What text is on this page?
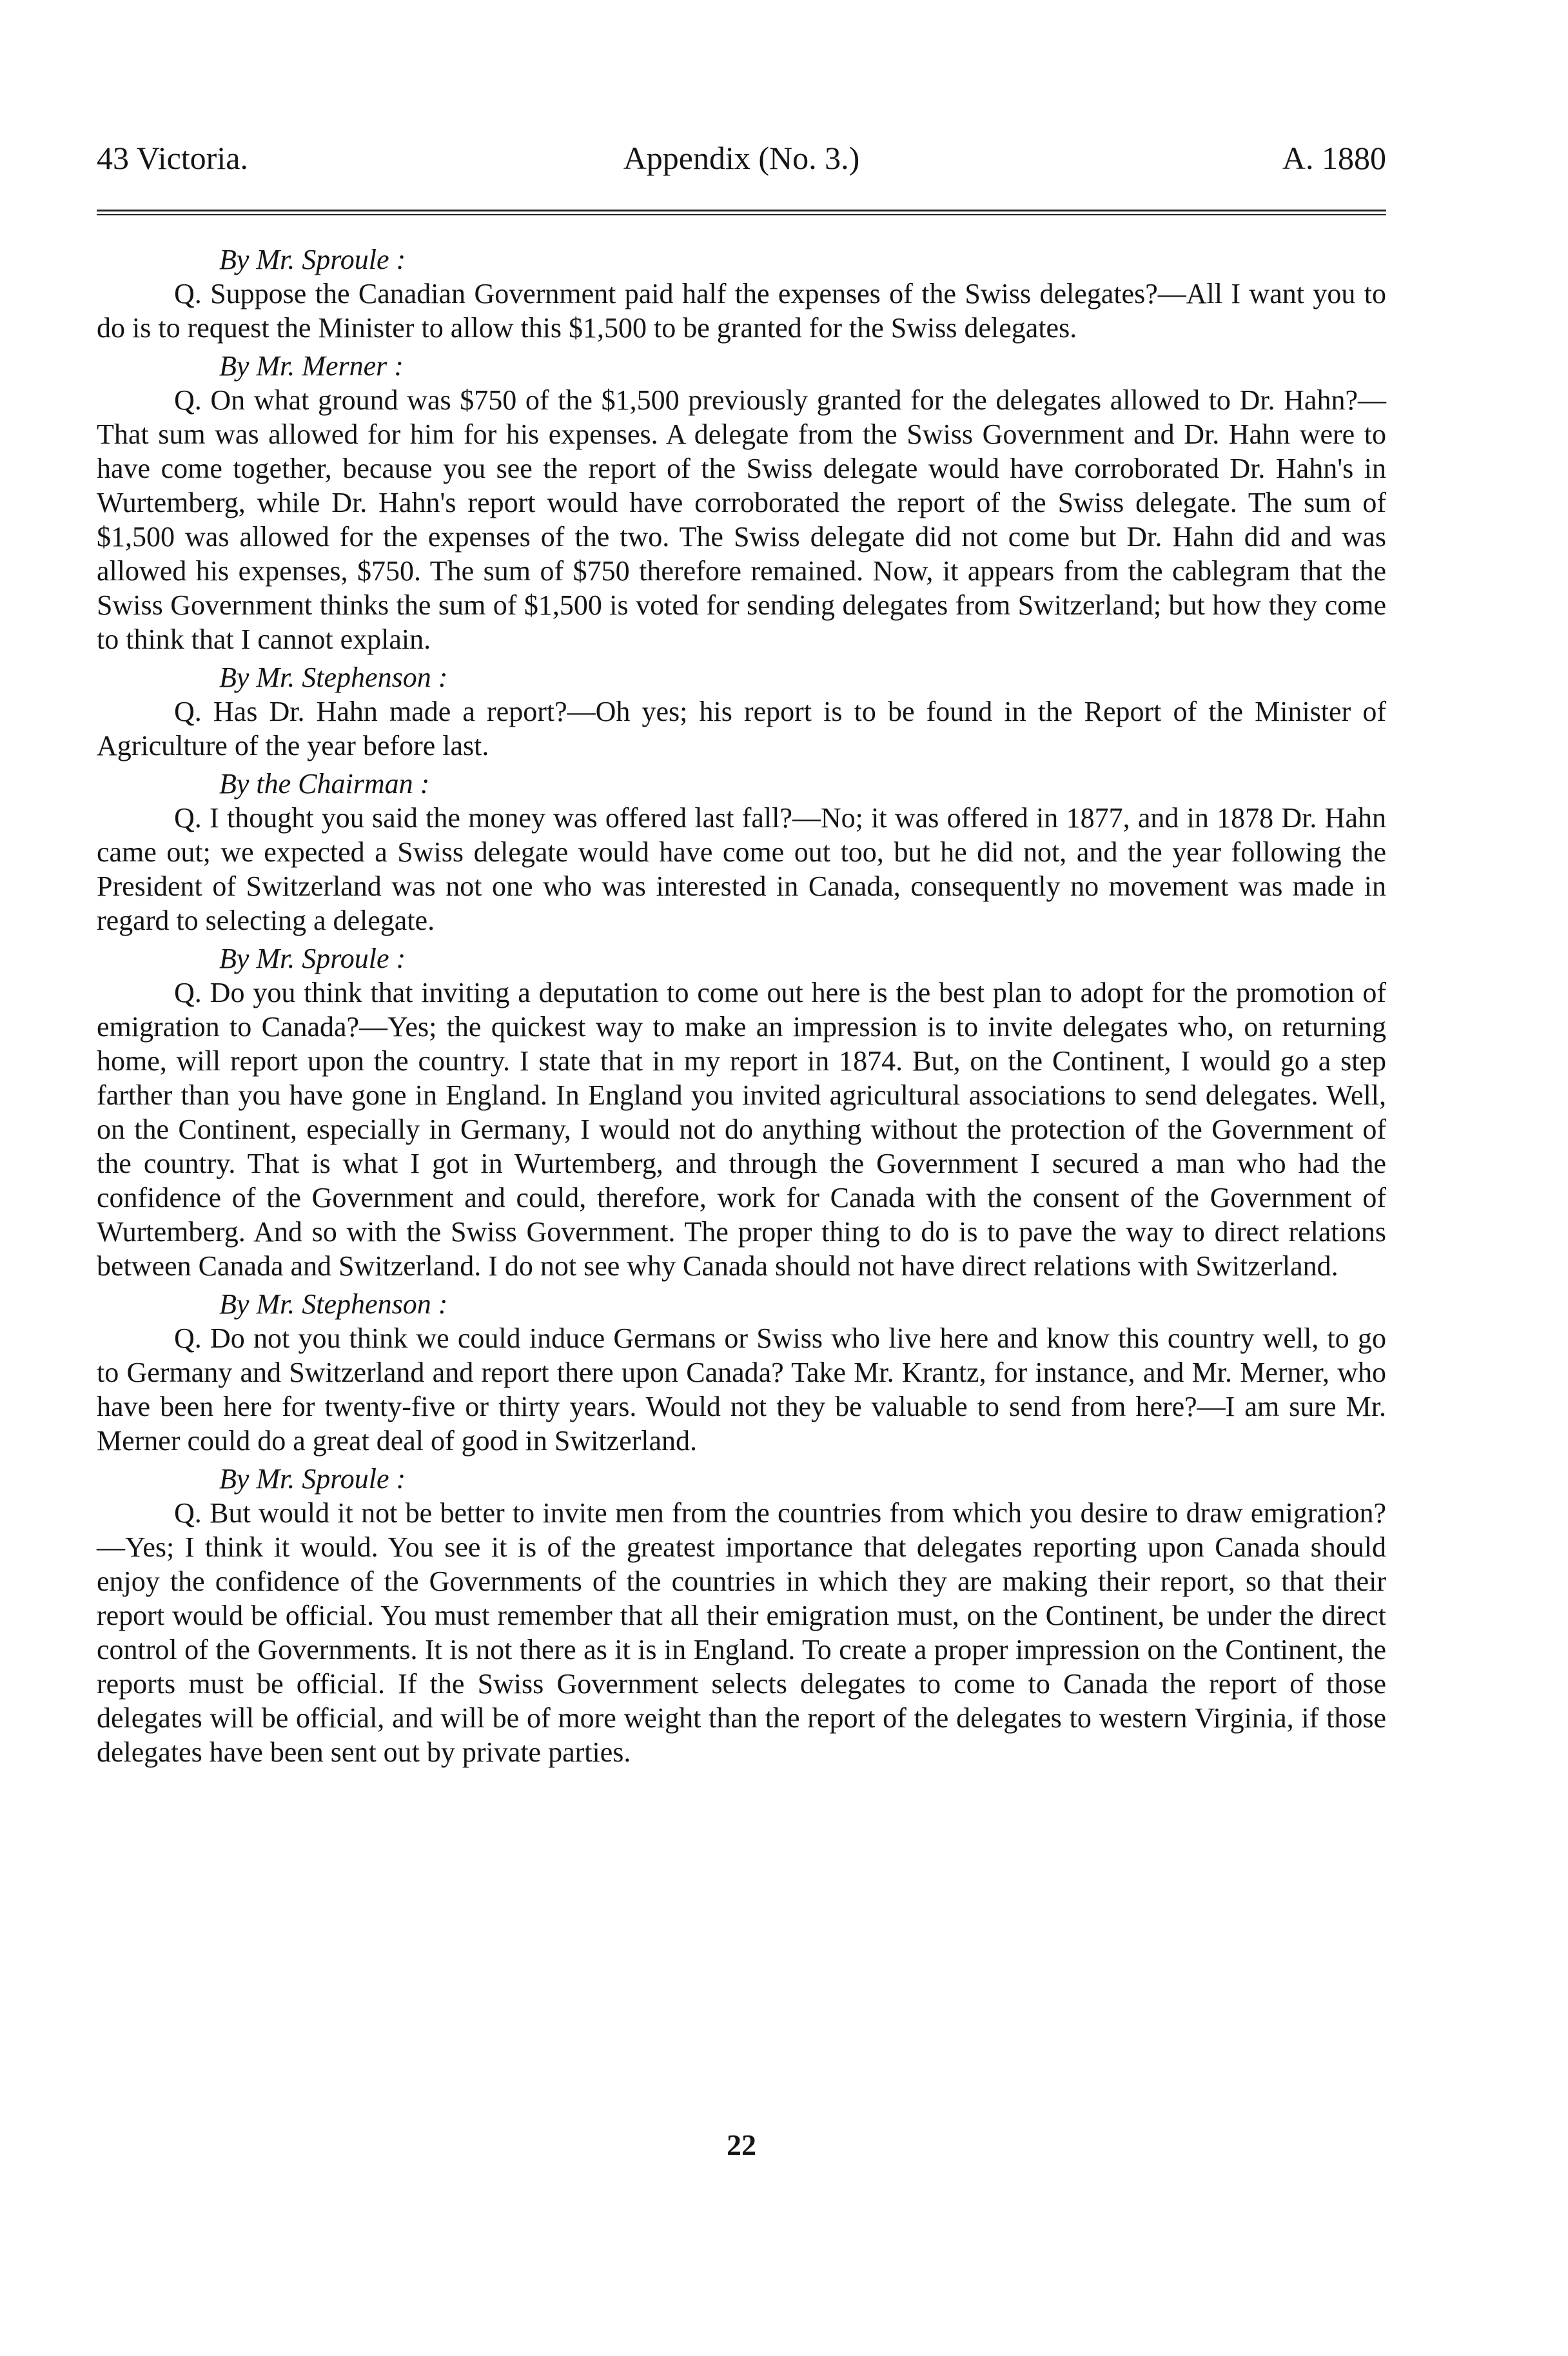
43 Victoria.	Appendix (No. 3.)	A. 1880

By Mr. Sproule :

Q. Suppose the Canadian Government paid half the expenses of the Swiss delegates?—All I want you to do is to request the Minister to allow this $1,500 to be granted for the Swiss delegates.

By Mr. Merner :

Q. On what ground was $750 of the $1,500 previously granted for the delegates allowed to Dr. Hahn?—That sum was allowed for him for his expenses. A delegate from the Swiss Government and Dr. Hahn were to have come together, because you see the report of the Swiss delegate would have corroborated Dr. Hahn's in Wurtemberg, while Dr. Hahn's report would have corroborated the report of the Swiss delegate. The sum of $1,500 was allowed for the expenses of the two. The Swiss delegate did not come but Dr. Hahn did and was allowed his expenses, $750. The sum of $750 therefore remained. Now, it appears from the cablegram that the Swiss Government thinks the sum of $1,500 is voted for sending delegates from Switzerland; but how they come to think that I cannot explain.

By Mr. Stephenson :

Q. Has Dr. Hahn made a report?—Oh yes; his report is to be found in the Report of the Minister of Agriculture of the year before last.

By the Chairman :

Q. I thought you said the money was offered last fall?—No; it was offered in 1877, and in 1878 Dr. Hahn came out; we expected a Swiss delegate would have come out too, but he did not, and the year following the President of Switzerland was not one who was interested in Canada, consequently no movement was made in regard to selecting a delegate.

By Mr. Sproule :

Q. Do you think that inviting a deputation to come out here is the best plan to adopt for the promotion of emigration to Canada?—Yes; the quickest way to make an impression is to invite delegates who, on returning home, will report upon the country. I state that in my report in 1874. But, on the Continent, I would go a step farther than you have gone in England. In England you invited agricultural associations to send delegates. Well, on the Continent, especially in Germany, I would not do anything without the protection of the Government of the country. That is what I got in Wurtemberg, and through the Government I secured a man who had the confidence of the Government and could, therefore, work for Canada with the consent of the Government of Wurtemberg. And so with the Swiss Government. The proper thing to do is to pave the way to direct relations between Canada and Switzerland. I do not see why Canada should not have direct relations with Switzerland.

By Mr. Stephenson :

Q. Do not you think we could induce Germans or Swiss who live here and know this country well, to go to Germany and Switzerland and report there upon Canada? Take Mr. Krantz, for instance, and Mr. Merner, who have been here for twenty-five or thirty years. Would not they be valuable to send from here?—I am sure Mr. Merner could do a great deal of good in Switzerland.

By Mr. Sproule :

Q. But would it not be better to invite men from the countries from which you desire to draw emigration?—Yes; I think it would. You see it is of the greatest importance that delegates reporting upon Canada should enjoy the confidence of the Governments of the countries in which they are making their report, so that their report would be official. You must remember that all their emigration must, on the Continent, be under the direct control of the Governments. It is not there as it is in England. To create a proper impression on the Continent, the reports must be official. If the Swiss Government selects delegates to come to Canada the report of those delegates will be official, and will be of more weight than the report of the delegates to western Virginia, if those delegates have been sent out by private parties.

22
